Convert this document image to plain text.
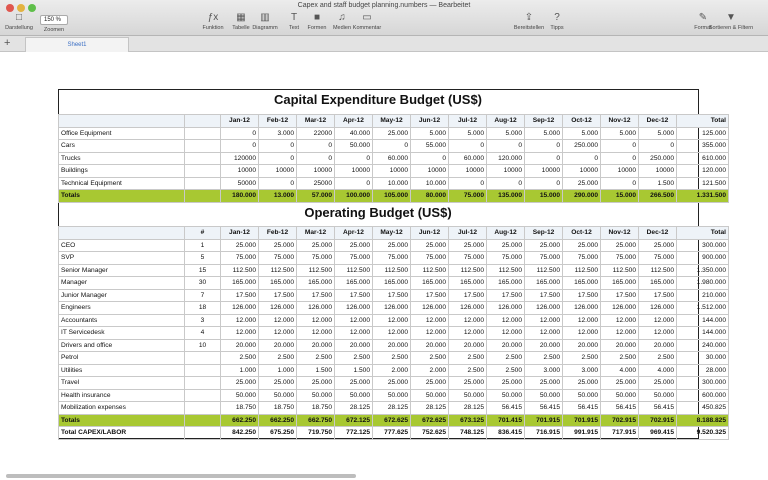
Capex and staff budget planning.numbers — Bearbeitet
□
Darstellung
150 %
Zoomen
ƒx
Funktion
▦
Tabelle
▥
Diagramm
T
Text
■
Formen
♫
Medien
▭
Kommentar
⇪
Bereitstellen
?
Tipps
✎
Format
▼
Sortieren & Filtern
+	Sheet1
Capital Expenditure Budget (US$)
		Jan-12	Feb-12	Mar-12	Apr-12	May-12	Jun-12	Jul-12	Aug-12	Sep-12	Oct-12	Nov-12	Dec-12	Total
Office Equipment		0	3.000	22000	40.000	25.000	5.000	5.000	5.000	5.000	5.000	5.000	5.000	125.000
Cars		0	0	0	50.000	0	55.000	0	0	0	250.000	0	0	355.000
Trucks		120000	0	0	0	60.000	0	60.000	120.000	0	0	0	250.000	610.000
Buildings		10000	10000	10000	10000	10000	10000	10000	10000	10000	10000	10000	10000	120.000
Technical Equipment		50000	0	25000	0	10.000	10.000	0	0	0	25.000	0	1.500	121.500
Totals		180.000	13.000	57.000	100.000	105.000	80.000	75.000	135.000	15.000	290.000	15.000	266.500	1.331.500
Operating Budget (US$)
	#	Jan-12	Feb-12	Mar-12	Apr-12	May-12	Jun-12	Jul-12	Aug-12	Sep-12	Oct-12	Nov-12	Dec-12	Total
CEO	1	25.000	25.000	25.000	25.000	25.000	25.000	25.000	25.000	25.000	25.000	25.000	25.000	300.000
SVP	5	75.000	75.000	75.000	75.000	75.000	75.000	75.000	75.000	75.000	75.000	75.000	75.000	900.000
Senior Manager	15	112.500	112.500	112.500	112.500	112.500	112.500	112.500	112.500	112.500	112.500	112.500	112.500	1.350.000
Manager	30	165.000	165.000	165.000	165.000	165.000	165.000	165.000	165.000	165.000	165.000	165.000	165.000	1.980.000
Junior Manager	7	17.500	17.500	17.500	17.500	17.500	17.500	17.500	17.500	17.500	17.500	17.500	17.500	210.000
Engineers	18	126.000	126.000	126.000	126.000	126.000	126.000	126.000	126.000	126.000	126.000	126.000	126.000	1.512.000
Accountants	3	12.000	12.000	12.000	12.000	12.000	12.000	12.000	12.000	12.000	12.000	12.000	12.000	144.000
IT Servicedesk	4	12.000	12.000	12.000	12.000	12.000	12.000	12.000	12.000	12.000	12.000	12.000	12.000	144.000
Drivers and office	10	20.000	20.000	20.000	20.000	20.000	20.000	20.000	20.000	20.000	20.000	20.000	20.000	240.000
Petrol		2.500	2.500	2.500	2.500	2.500	2.500	2.500	2.500	2.500	2.500	2.500	2.500	30.000
Utilities		1.000	1.000	1.500	1.500	2.000	2.000	2.500	2.500	3.000	3.000	4.000	4.000	28.000
Travel		25.000	25.000	25.000	25.000	25.000	25.000	25.000	25.000	25.000	25.000	25.000	25.000	300.000
Health insurance		50.000	50.000	50.000	50.000	50.000	50.000	50.000	50.000	50.000	50.000	50.000	50.000	600.000
Mobilization expenses		18.750	18.750	18.750	28.125	28.125	28.125	28.125	56.415	56.415	56.415	56.415	56.415	450.825
Totals		662.250	662.250	662.750	672.125	672.625	672.625	673.125	701.415	701.915	701.915	702.915	702.915	8.188.825
Total CAPEX/LABOR		842.250	675.250	719.750	772.125	777.625	752.625	748.125	836.415	716.915	991.915	717.915	969.415	9.520.325
